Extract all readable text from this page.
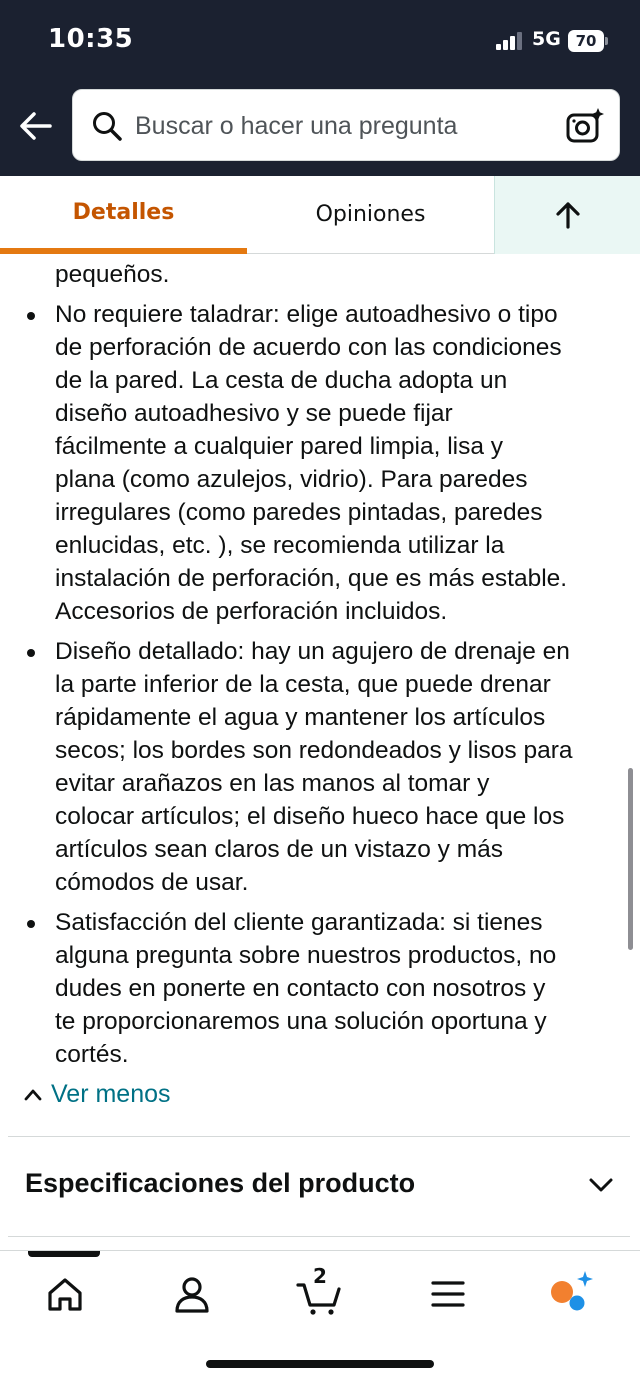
10:35	5G 70
Buscar o hacer una pregunta
Detalles	Opiniones
pequeños.
No requiere taladrar: elige autoadhesivo o tipo
de perforación de acuerdo con las condiciones
de la pared. La cesta de ducha adopta un
diseño autoadhesivo y se puede fijar
fácilmente a cualquier pared limpia, lisa y
plana (como azulejos, vidrio). Para paredes
irregulares (como paredes pintadas, paredes
enlucidas, etc. ), se recomienda utilizar la
instalación de perforación, que es más estable.
Accesorios de perforación incluidos.
Diseño detallado: hay un agujero de drenaje en
la parte inferior de la cesta, que puede drenar
rápidamente el agua y mantener los artículos
secos; los bordes son redondeados y lisos para
evitar arañazos en las manos al tomar y
colocar artículos; el diseño hueco hace que los
artículos sean claros de un vistazo y más
cómodos de usar.
Satisfacción del cliente garantizada: si tienes
alguna pregunta sobre nuestros productos, no
dudes en ponerte en contacto con nosotros y
te proporcionaremos una solución oportuna y
cortés.
Ver menos
Especificaciones del producto
2
